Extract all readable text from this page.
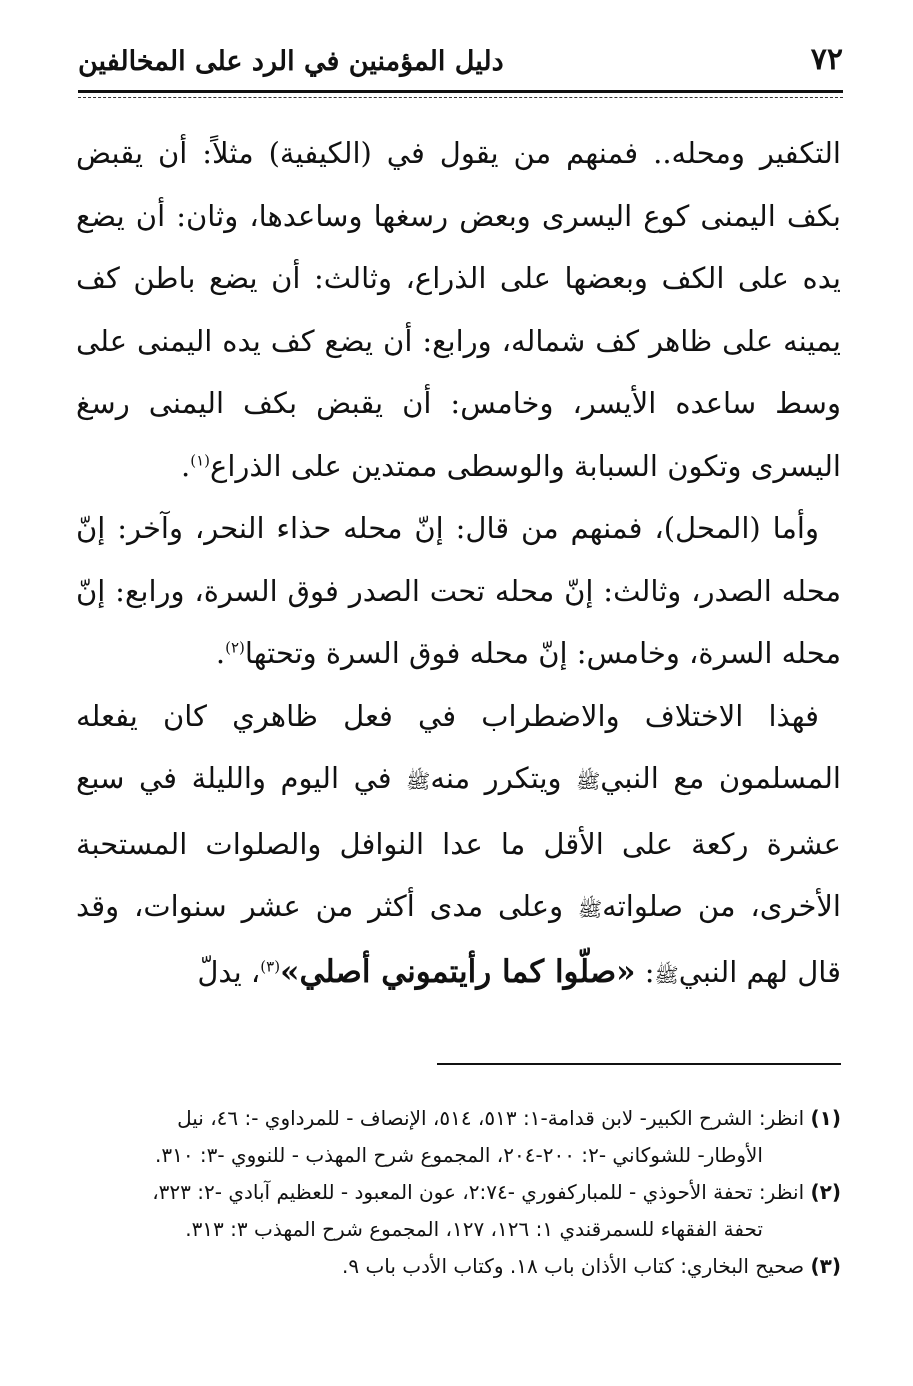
٧٢
دليل المؤمنين في الرد على المخالفين

التكفير ومحله.. فمنهم من يقول في (الكيفية) مثلاً: أن يقبض بكف اليمنى كوع اليسرى وبعض رسغها وساعدها، وثان: أن يضع يده على الكف وبعضها على الذراع، وثالث: أن يضع باطن كف يمينه على ظاهر كف شماله، ورابع: أن يضع كف يده اليمنى على وسط ساعده الأيسر، وخامس: أن يقبض بكف اليمنى رسغ اليسرى وتكون السبابة والوسطى ممتدين على الذراع$^{(١)}$.

وأما (المحل)، فمنهم من قال: إنّ محله حذاء النحر، وآخر: إنّ محله الصدر، وثالث: إنّ محله تحت الصدر فوق السرة، ورابع: إنّ محله السرة، وخامس: إنّ محله فوق السرة وتحتها$^{(٢)}$.

فهذا الاختلاف والاضطراب في فعل ظاهري كان يفعله المسلمون مع النبيﷺ ويتكرر منهﷺ في اليوم والليلة في سبع عشرة ركعة على الأقل ما عدا النوافل والصلوات المستحبة الأخرى، من صلواتهﷺ وعلى مدى أكثر من عشر سنوات، وقد قال لهم النبيﷺ: «صلّوا كما رأيتموني أصلي»$^{(٣)}$، يدلّ

(١) انظر: الشرح الكبير- لابن قدامة-١: ٥١٣، ٥١٤، الإنصاف - للمرداوي -: ٤٦، نيل
الأوطار- للشوكاني -٢: ٢٠٠-٢٠٤، المجموع شرح المهذب - للنووي -٣: ٣١٠.
(٢) انظر: تحفة الأحوذي - للمباركفوري -٢:٧٤، عون المعبود - للعظيم آبادي -٢: ٣٢٣،
تحفة الفقهاء للسمرقندي ١: ١٢٦، ١٢٧، المجموع شرح المهذب ٣: ٣١٣.
(٣) صحيح البخاري: كتاب الأذان باب ١٨. وكتاب الأدب باب ٩.
